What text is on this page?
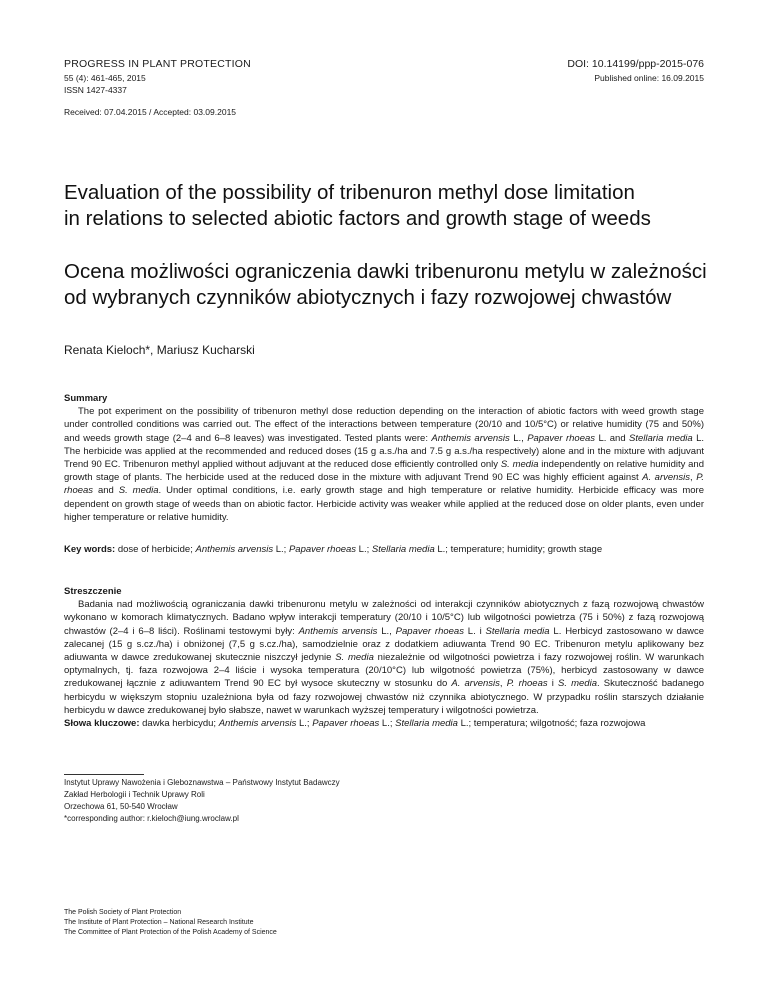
PROGRESS IN PLANT PROTECTION
55 (4): 461-465, 2015
ISSN 1427-4337
DOI: 10.14199/ppp-2015-076
Published online: 16.09.2015
Received: 07.04.2015 / Accepted: 03.09.2015
Evaluation of the possibility of tribenuron methyl dose limitation
in relations to selected abiotic factors and growth stage of weeds
Ocena możliwości ograniczenia dawki tribenuronu metylu w zależności
od wybranych czynników abiotycznych i fazy rozwojowej chwastów
Renata Kieloch*, Mariusz Kucharski
Summary
The pot experiment on the possibility of tribenuron methyl dose reduction depending on the interaction of abiotic factors with weed growth stage under controlled conditions was carried out. The effect of the interactions between temperature (20/10 and 10/5°C) or relative humidity (75 and 50%) and weeds growth stage (2–4 and 6–8 leaves) was investigated. Tested plants were: Anthemis arvensis L., Papaver rhoeas L. and Stellaria media L. The herbicide was applied at the recommended and reduced doses (15 g a.s./ha and 7.5 g a.s./ha respectively) alone and in the mixture with adjuvant Trend 90 EC. Tribenuron methyl applied without adjuvant at the reduced dose efficiently controlled only S. media independently on relative humidity and growth stage of plants. The herbicide used at the reduced dose in the mixture with adjuvant Trend 90 EC was highly efficient against A. arvensis, P. rhoeas and S. media. Under optimal conditions, i.e. early growth stage and high temperature or relative humidity. Herbicide efficacy was more dependent on growth stage of weeds than on abiotic factor. Herbicide activity was weaker while applied at the reduced dose on older plants, even under higher temperature or relative humidity.
Key words: dose of herbicide; Anthemis arvensis L.; Papaver rhoeas L.; Stellaria media L.; temperature; humidity; growth stage
Streszczenie
Badania nad możliwością ograniczania dawki tribenuronu metylu w zależności od interakcji czynników abiotycznych z fazą rozwojową chwastów wykonano w komorach klimatycznych. Badano wpływ interakcji temperatury (20/10 i 10/5°C) lub wilgotności powietrza (75 i 50%) z fazą rozwojową chwastów (2–4 i 6–8 liści). Roślinami testowymi były: Anthemis arvensis L., Papaver rhoeas L. i Stellaria media L. Herbicyd zastosowano w dawce zalecanej (15 g s.cz./ha) i obniżonej (7,5 g s.cz./ha), samodzielnie oraz z dodatkiem adiuwanta Trend 90 EC. Tribenuron metylu aplikowany bez adiuwanta w dawce zredukowanej skutecznie niszczył jedynie S. media niezależnie od wilgotności powietrza i fazy rozwojowej roślin. W warunkach optymalnych, tj. faza rozwojowa 2–4 liście i wysoka temperatura (20/10°C) lub wilgotność powietrza (75%), herbicyd zastosowany w dawce zredukowanej łącznie z adiuwantem Trend 90 EC był wysoce skuteczny w stosunku do A. arvensis, P. rhoeas i S. media. Skuteczność badanego herbicydu w większym stopniu uzależniona była od fazy rozwojowej chwastów niż czynnika abiotycznego. W przypadku roślin starszych działanie herbicydu w dawce zredukowanej było słabsze, nawet w warunkach wyższej temperatury i wilgotności powietrza.
Słowa kluczowe: dawka herbicydu; Anthemis arvensis L.; Papaver rhoeas L.; Stellaria media L.; temperatura; wilgotność; faza rozwojowa
Instytut Uprawy Nawożenia i Gleboznawstwa – Państwowy Instytut Badawczy
Zakład Herbologii i Technik Uprawy Roli
Orzechowa 61, 50-540 Wrocław
*corresponding author: r.kieloch@iung.wroclaw.pl
The Polish Society of Plant Protection
The Institute of Plant Protection – National Research Institute
The Committee of Plant Protection of the Polish Academy of Science
